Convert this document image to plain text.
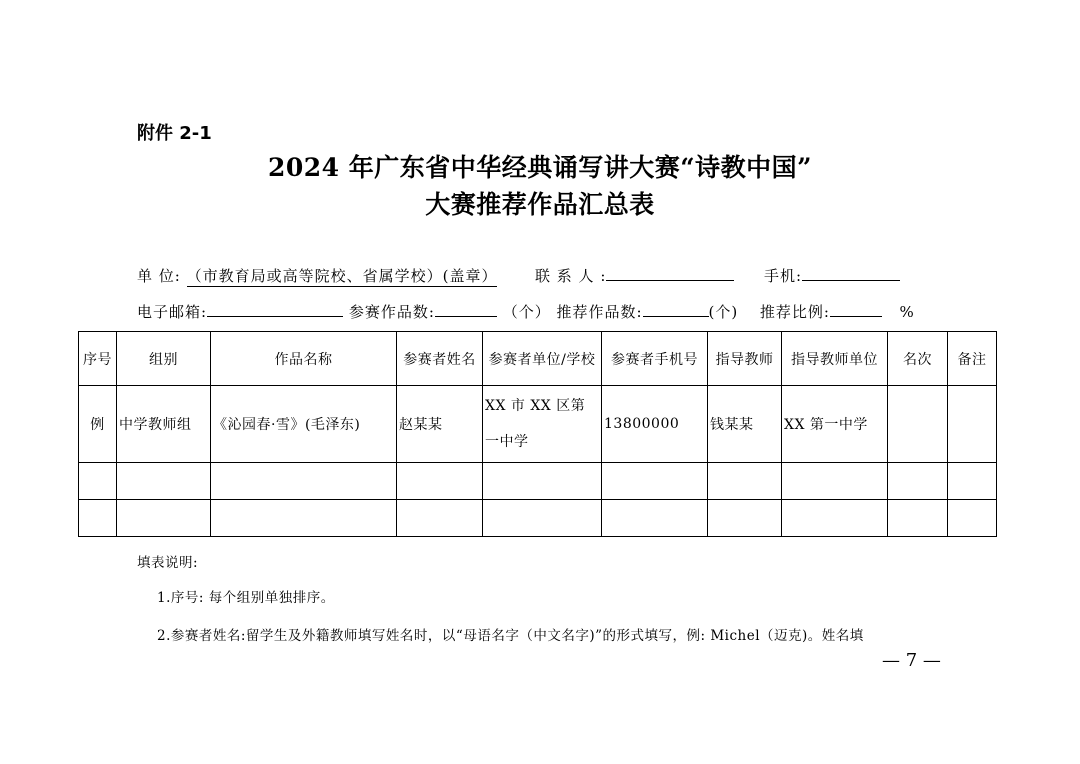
附件 2-1
2024 年广东省中华经典诵写讲大赛“诗教中国”
大赛推荐作品汇总表
单 位: （市教育局或高等院校、省属学校）(盖章）	联 系 人 :	手机:
电子邮箱:	参赛作品数:	（个） 推荐作品数:	(个) 推荐比例:	%
序号	组别	作品名称	参赛者姓名	参赛者单位/学校	参赛者手机号	指导教师	指导教师单位	名次	备注
例	中学教师组	《沁园春·雪》(毛泽东)	赵某某	XX 市 XX 区第一中学	13800000	钱某某	XX 第一中学		

填表说明:
1.序号: 每个组别单独排序。
2.参赛者姓名:留学生及外籍教师填写姓名时，以“母语名字（中文名字)”的形式填写，例: Michel（迈克)。姓名填
— 7 —
